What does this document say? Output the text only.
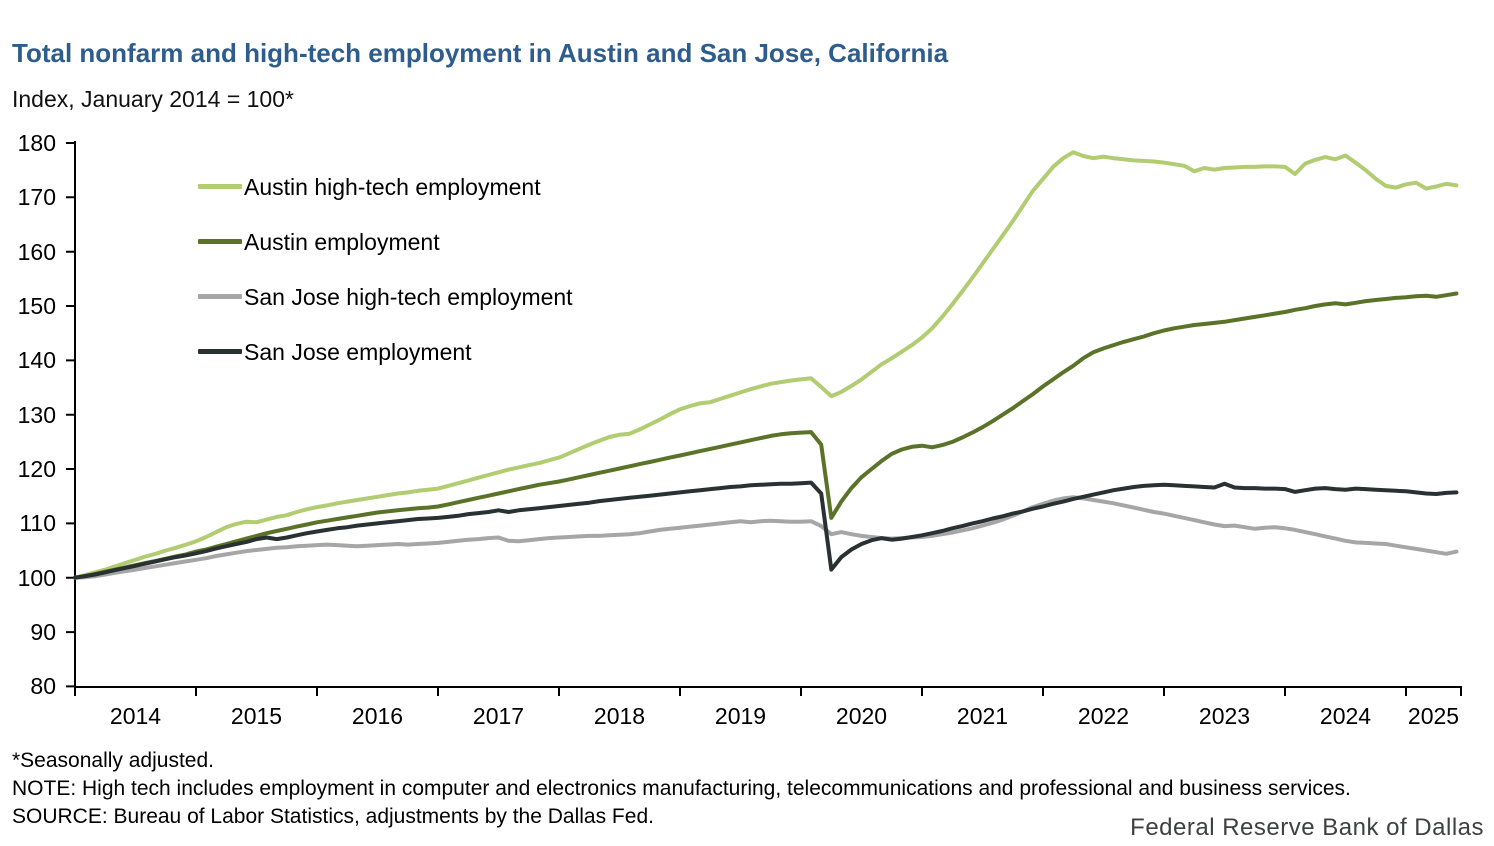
Total nonfarm and high-tech employment in Austin and San Jose, California
Index, January 2014 = 100*
180
170
160
150
140
130
120
110
100
90
80
2014	2015	2016	2017	2018	2019	2020	2021	2022	2023	2024	2025
Austin high-tech employment
Austin employment
San Jose high-tech employment
San Jose employment
*Seasonally adjusted.
NOTE: High tech includes employment in computer and electronics manufacturing, telecommunications and professional and business services.
SOURCE: Bureau of Labor Statistics, adjustments by the Dallas Fed.	Federal Reserve Bank of Dallas
